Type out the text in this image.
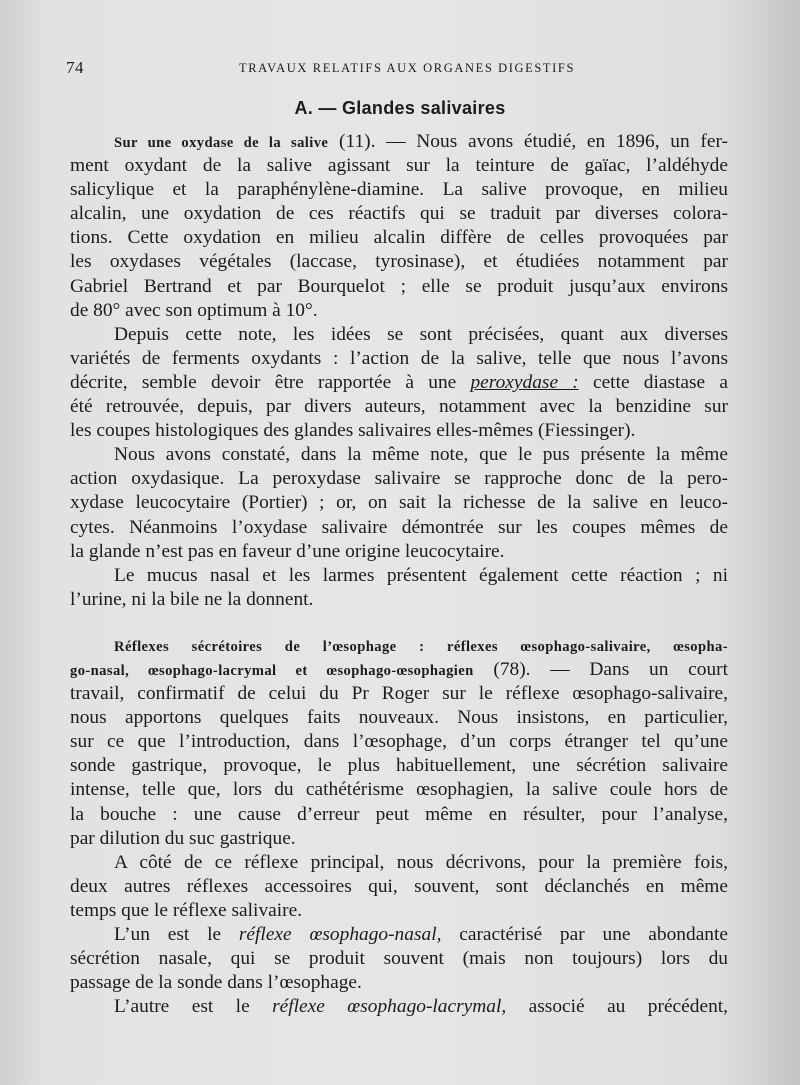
74	TRAVAUX RELATIFS AUX ORGANES DIGESTIFS
A. — Glandes salivaires
Sur une oxydase de la salive (11). — Nous avons étudié, en 1896, un fer-
ment oxydant de la salive agissant sur la teinture de gaïac, l’aldéhyde
salicylique et la paraphénylène-diamine. La salive provoque, en milieu
alcalin, une oxydation de ces réactifs qui se traduit par diverses colora-
tions. Cette oxydation en milieu alcalin diffère de celles provoquées par
les oxydases végétales (laccase, tyrosinase), et étudiées notamment par
Gabriel Bertrand et par Bourquelot ; elle se produit jusqu’aux environs
de 80° avec son optimum à 10°.
Depuis cette note, les idées se sont précisées, quant aux diverses
variétés de ferments oxydants : l’action de la salive, telle que nous l’avons
décrite, semble devoir être rapportée à une peroxydase : cette diastase a
été retrouvée, depuis, par divers auteurs, notamment avec la benzidine sur
les coupes histologiques des glandes salivaires elles-mêmes (Fiessinger).
Nous avons constaté, dans la même note, que le pus présente la même
action oxydasique. La peroxydase salivaire se rapproche donc de la pero-
xydase leucocytaire (Portier) ; or, on sait la richesse de la salive en leuco-
cytes. Néanmoins l’oxydase salivaire démontrée sur les coupes mêmes de
la glande n’est pas en faveur d’une origine leucocytaire.
Le mucus nasal et les larmes présentent également cette réaction ; ni
l’urine, ni la bile ne la donnent.
Réflexes sécrétoires de l’œsophage : réflexes œsophago-salivaire, œsopha-
go-nasal, œsophago-lacrymal et œsophago-œsophagien (78). — Dans un court
travail, confirmatif de celui du Pr Roger sur le réflexe œsophago-salivaire,
nous apportons quelques faits nouveaux. Nous insistons, en particulier,
sur ce que l’introduction, dans l’œsophage, d’un corps étranger tel qu’une
sonde gastrique, provoque, le plus habituellement, une sécrétion salivaire
intense, telle que, lors du cathétérisme œsophagien, la salive coule hors de
la bouche : une cause d’erreur peut même en résulter, pour l’analyse,
par dilution du suc gastrique.
A côté de ce réflexe principal, nous décrivons, pour la première fois,
deux autres réflexes accessoires qui, souvent, sont déclanchés en même
temps que le réflexe salivaire.
L’un est le réflexe œsophago-nasal, caractérisé par une abondante
sécrétion nasale, qui se produit souvent (mais non toujours) lors du
passage de la sonde dans l’œsophage.
L’autre est le réflexe œsophago-lacrymal, associé au précédent,
